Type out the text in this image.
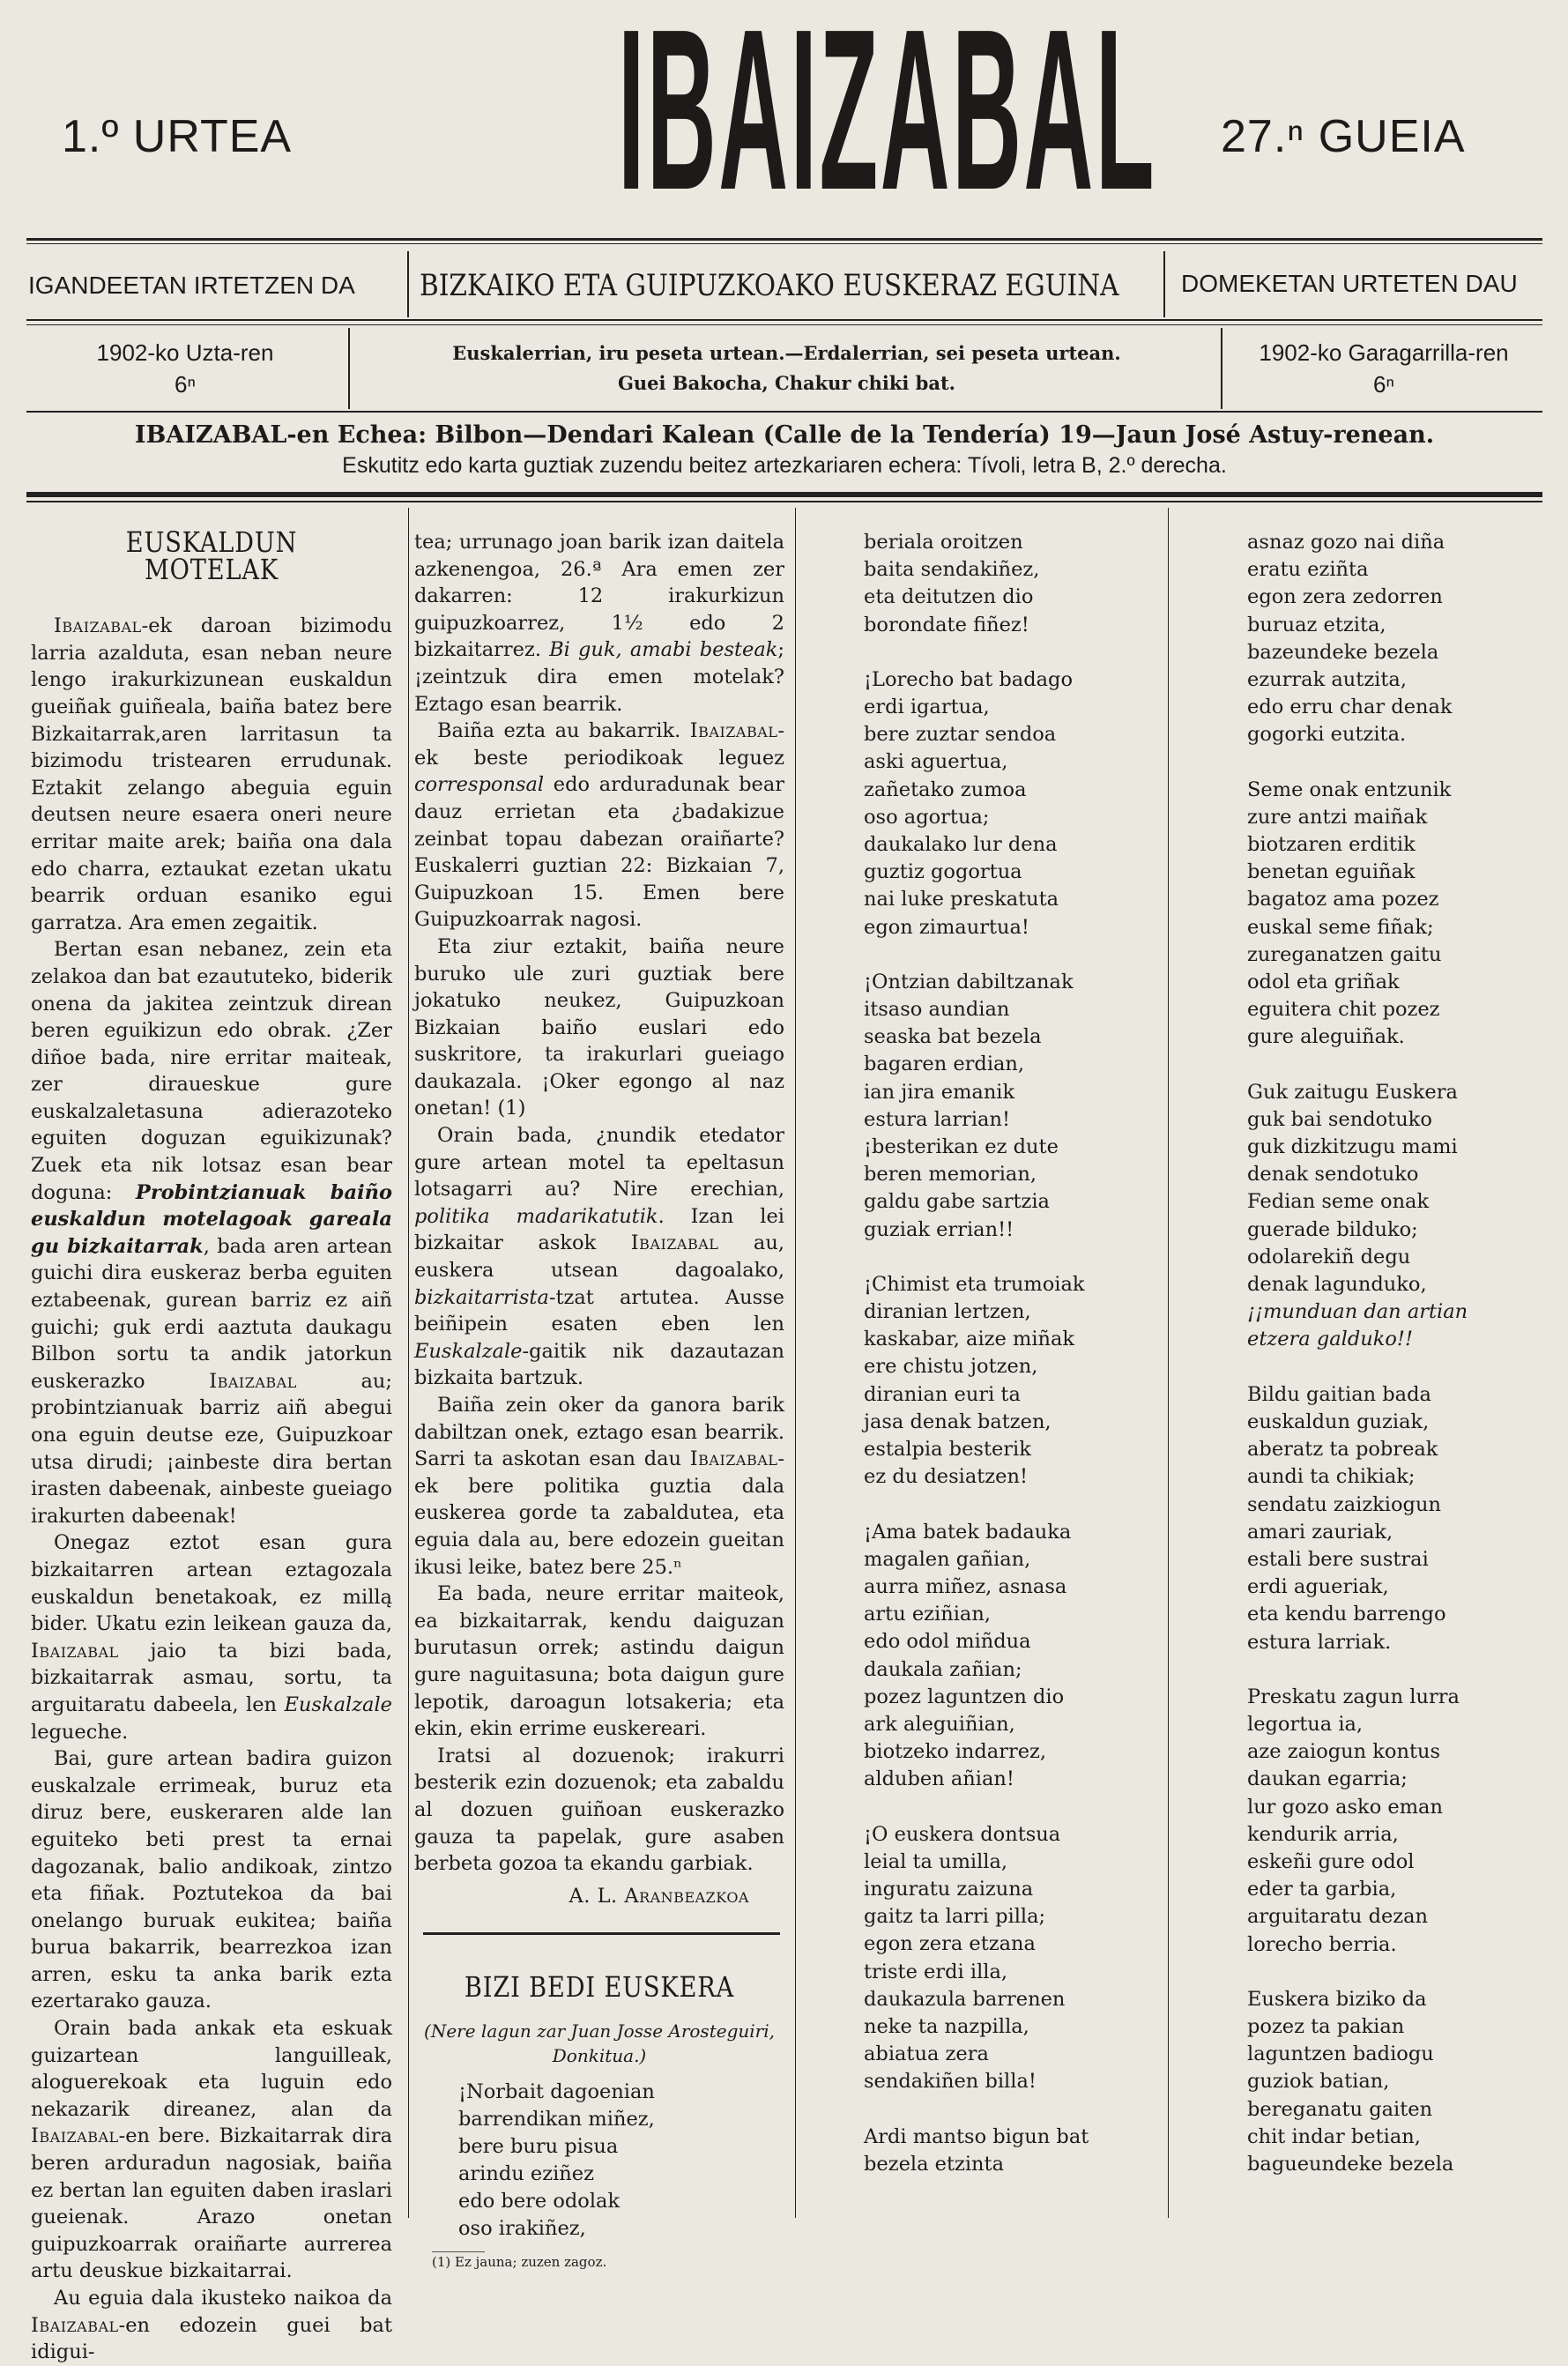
1.º URTEA IBAIZABAL 27.ⁿ GUEIA
IGANDEETAN IRTETZEN DA BIZKAIKO ETA GUIPUZKOAKO EUSKERAZ EGUINA	DOMEKETAN URTETEN DAU
1902-ko Uzta-ren
6ⁿ
Euskalerrian, iru peseta urtean.—Erdalerrian, sei peseta urtean.
Guei Bakocha, Chakur chiki bat.
1902-ko Garagarrilla-ren
6ⁿ
IBAIZABAL-en Echea: Bilbon—Dendari Kalean (Calle de la Tendería) 19—Jaun José Astuy-renean.
Eskutitz edo karta guztiak zuzendu beitez artezkariaren echera: Tívoli, letra B, 2.º derecha.
EUSKALDUN MOTELAK

Ibaizabal-ek daroan bizimodu larria azalduta, esan neban neure lengo irakurkizunean euskaldun gueiñak guiñeala, baiña batez bere Bizkaitarrak,aren larritasun ta bizimodu tristearen errudunak. Eztakit zelango abeguia eguin deutsen neure esaera oneri neure erritar maite arek; baiña ona dala edo charra, eztaukat ezetan ukatu bearrik orduan esaniko egui garratza. Ara emen zegaitik.

Bertan esan nebanez, zein eta zelakoa dan bat ezaututeko, biderik onena da jakitea zeintzuk direan beren eguikizun edo obrak. ¿Zer diñoe bada, nire erritar maiteak, zer diraueskue gure euskalzaletasuna adierazoteko eguiten doguzan eguikizunak? Zuek eta nik lotsaz esan bear doguna: Probintzianuak baiño euskaldun motelagoak gareala gu bizkaitarrak, bada aren artean guichi dira euskeraz berba eguiten eztabeenak, gurean barriz ez aiñ guichi; guk erdi aaztuta daukagu Bilbon sortu ta andik jatorkun euskerazko Ibaizabal au; probintzianuak barriz aiñ abegui ona eguin deutse eze, Guipuzkoar utsa dirudi; ¡ainbeste dira bertan irasten dabeenak, ainbeste gueiago irakurten dabeenak!

Onegaz eztot esan gura bizkaitarren artean eztagozala euskaldun benetakoak, ez millą bider. Ukatu ezin leikean gauza da, Ibaizabal jaio ta bizi bada, bizkaitarrak asmau, sortu, ta arguitaratu dabeela, len Euskalzale legueche.

Bai, gure artean badira guizon euskalzale errimeak, buruz eta diruz bere, euskeraren alde lan eguiteko beti prest ta ernai dagozanak, balio andikoak, zintzo eta fiñak. Poztutekoa da bai onelango buruak eukitea; baiña burua bakarrik, bearrezkoa izan arren, esku ta anka barik ezta ezertarako gauza.

Orain bada ankak eta eskuak guizartean languilleak, aloguerekoak eta luguin edo nekazarik direanez, alan da Ibaizabal-en bere. Bizkaitarrak dira beren arduradun nagosiak, baiña ez bertan lan eguiten daben iraslari gueienak. Arazo onetan guipuzkoarrak oraiñarte aurrerea artu deuskue bizkaitarrai.

Au eguia dala ikusteko naikoa da Ibaizabal-en edozein guei bat idigui-

tea; urrunago joan barik izan daitela azkenengoa, 26.ª Ara emen zer dakarren: 12 irakurkizun guipuzkoarrez, 1½ edo 2 bizkaitarrez. Bi guk, amabi besteak; ¡zeintzuk dira emen motelak? Eztago esan bearrik.

Baiña ezta au bakarrik. Ibaizabal-ek beste periodikoak leguez corresponsal edo arduradunak bear dauz errietan eta ¿badakizue zeinbat topau dabezan oraiñarte? Euskalerri guztian 22: Bizkaian 7, Guipuzkoan 15. Emen bere Guipuzkoarrak nagosi.

Eta ziur eztakit, baiña neure buruko ule zuri guztiak bere jokatuko neukez, Guipuzkoan Bizkaian baiño euslari edo suskritore, ta irakurlari gueiago daukazala. ¡Oker egongo al naz onetan! (1)

Orain bada, ¿nundik etedator gure artean motel ta epeltasun lotsagarri au? Nire erechian, politika madarikatutik. Izan lei bizkaitar askok Ibaizabal au, euskera utsean dagoalako, bizkaitarrista-tzat artutea. Ausse beiñipein esaten eben len Euskalzale-gaitik nik dazautazan bizkaita bartzuk.

Baiña zein oker da ganora barik dabiltzan onek, eztago esan bearrik. Sarri ta askotan esan dau Ibaizabal-ek bere politika guztia dala euskerea gorde ta zabaldutea, eta eguia dala au, bere edozein gueitan ikusi leike, batez bere 25.ⁿ

Ea bada, neure erritar maiteok, ea bizkaitarrak, kendu daiguzan burutasun orrek; astindu daigun gure naguitasuna; bota daigun gure lepotik, daroagun lotsakeria; eta ekin, ekin errime euskereari.

Iratsi al dozuenok; irakurri besterik ezin dozuenok; eta zabaldu al dozuen guiñoan euskerazko gauza ta papelak, gure asaben berbeta gozoa ta ekandu garbiak.

A. L. Aranbeazkoa

BIZI BEDI EUSKERA

(Nere lagun zar Juan Josse Arosteguiri, Donkitua.)

¡Norbait dagoenian
barrendikan miñez,
bere buru pisua
arindu eziñez
edo bere odolak
oso irakiñez,

(1) Ez jauna; zuzen zagoz.

beriala oroitzen

baita sendakiñez,

eta deitutzen dio

borondate fiñez!

¡Lorecho bat badago

erdi igartua,

bere zuztar sendoa

aski aguertua,

zañetako zumoa

oso agortua;

daukalako lur dena

guztiz gogortua

nai luke preskatuta

egon zimaurtua!

¡Ontzian dabiltzanak

itsaso aundian

seaska bat bezela

bagaren erdian,

ian jira emanik

estura larrian!

¡besterikan ez dute

beren memorian,

galdu gabe sartzia

guziak errian!!

¡Chimist eta trumoiak

diranian lertzen,

kaskabar, aize miñak

ere chistu jotzen,

diranian euri ta

jasa denak batzen,

estalpia besterik

ez du desiatzen!

¡Ama batek badauka

magalen gañian,

aurra miñez, asnasa

artu eziñian,

edo odol miñdua

daukala zañian;

pozez laguntzen dio

ark aleguiñian,

biotzeko indarrez,

alduben añian!

¡O euskera dontsua

leial ta umilla,

inguratu zaizuna

gaitz ta larri pilla;

egon zera etzana

triste erdi illa,

daukazula barrenen

neke ta nazpilla,

abiatua zera

sendakiñen billa!

Ardi mantso bigun bat

bezela etzinta

asnaz gozo nai diña

eratu eziñta

egon zera zedorren

buruaz etzita,

bazeundeke bezela

ezurrak autzita,

edo erru char denak

gogorki eutzita.

Seme onak entzunik

zure antzi maiñak

biotzaren erditik

benetan eguiñak

bagatoz ama pozez

euskal seme fiñak;

zureganatzen gaitu

odol eta griñak

eguitera chit pozez

gure aleguiñak.

Guk zaitugu Euskera

guk bai sendotuko

guk dizkitzugu mami

denak sendotuko

Fedian seme onak

guerade bilduko;

odolarekiñ degu

denak lagunduko,

¡¡munduan dan artian

etzera galduko!!

Bildu gaitian bada

euskaldun guziak,

aberatz ta pobreak

aundi ta chikiak;

sendatu zaizkiogun

amari zauriak,

estali bere sustrai

erdi agueriak,

eta kendu barrengo

estura larriak.

Preskatu zagun lurra

legortua ia,

aze zaiogun kontus

daukan egarria;

lur gozo asko eman

kendurik arria,

eskeñi gure odol

eder ta garbia,

arguitaratu dezan

lorecho berria.

Euskera biziko da

pozez ta pakian

laguntzen badiogu

guziok batian,

bereganatu gaiten

chit indar betian,

bagueundeke bezela
